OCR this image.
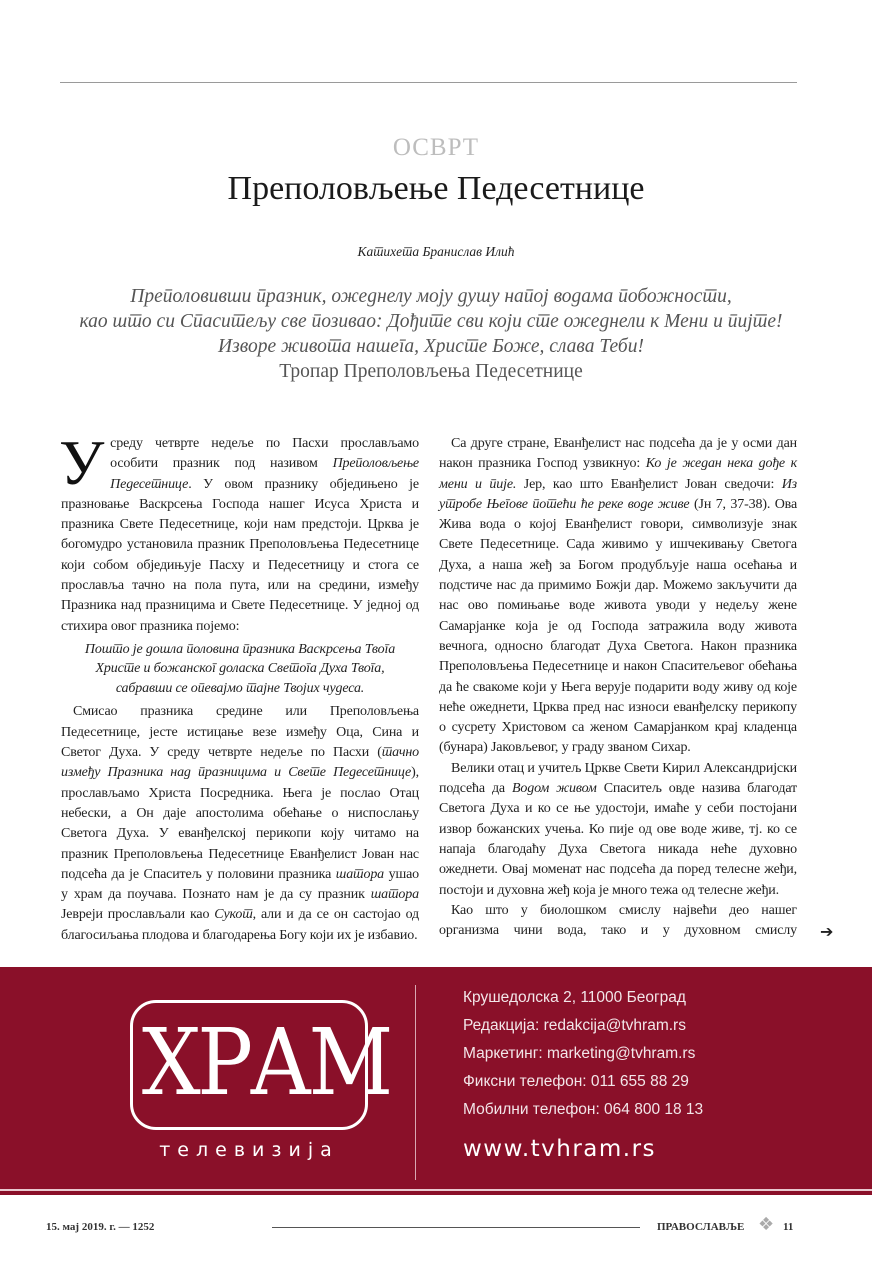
ОСВРТ
Преполовљење Педесетнице
Катихета Бранислав Илић
Преполовивши празник, ожеднелу моју душу напој водама побожности,
као што си Спаситељу све позивао: Дођите сви који сте ожеднели к Мени и пијте!
Изворе живота нашега, Христе Боже, слава Теби!
Тропар Преполовљења Педесетнице

Усреду четврте недеље по Пасхи прослављамо особити празник под називом Преполовљење Педесетнице. У овом празнику обједињено је празновање Васкрсења Господа нашег Исуса Христа и празника Свете Педесетнице, који нам предстоји. Црква је богомудро установила празник Преполовљења Педесетнице који собом обједињује Пасху и Педесетницу и стога се прославља тачно на пола пута, или на средини, између Празника над празницима и Свете Педесетнице. У једној од стихира овог празника појемо:

Пошто је дошла половина празника Васкрсења Твога Христе и божанског доласка Светога Духа Твога, сабравши се опевајмо тајне Твојих чудеса.

Смисао празника средине или Преполовљења Педесетнице, јесте истицање везе између Оца, Сина и Светог Духа. У среду четврте недеље по Пасхи (тачно између Празника над празницима и Свете Педесетнице), прослављамо Христа Посредника. Њега је послао Отац небески, а Он даје апостолима обећање о ниспослању Светога Духа. У еванђелској перикопи коју читамо на празник Преполовљења Педесетнице Еванђелист Јован нас подсећа да је Спаситељ у половини празника шатора ушао у храм да поучава. Познато нам је да су празник шатора Јевреји прослављали као Сукот, али и да се он састојао од благосиљања плодова и благодарења Богу који их је избавио.

Са друге стране, Еванђелист нас подсећа да је у осми дан након празника Господ узвикнуо: Ко је жедан нека дође к мени и пије. Јер, као што Еванђелист Јован сведочи: Из утробе Његове потећи ће реке воде живе (Јн 7, 37-38). Ова Жива вода о којој Еванђелист говори, символизује знак Свете Педесетнице. Сада живимо у ишчекивању Светога Духа, а наша жеђ за Богом продубљује наша осећања и подстиче нас да примимо Божји дар. Можемо закључити да нас ово помињање воде живота уводи у недељу жене Самарјанке која је од Господа затражила воду живота вечнога, односно благодат Духа Светога. Након празника Преполовљења Педесетнице и након Спаситељевог обећања да ће свакоме који у Њега верује подарити воду живу од које неће ожеднети, Црква пред нас износи еванђелску перикопу о сусрету Христовом са женом Самарјанком крај кладенца (бунара) Јаковљевог, у граду званом Сихар.

Велики отац и учитељ Цркве Свети Кирил Александријски подсећа да Водом живом Спаситељ овде назива благодат Светога Духа и ко се ње удостоји, имаће у себи постојани извор божанских учења. Ко пије од ове воде живе, тј. ко се напаја благодаћу Духа Светога никада неће духовно ожеднети. Овај моменат нас подсећа да поред телесне жеђи, постоји и духовна жеђ која је много тежа од телесне жеђи.

Као што у биолошком смислу највећи део нашег организма чини вода, тако и у духовном смислу ➔
ХРАМ
телевизија
Крушедолска 2, 11000 Београд
Редакција: redakcija@tvhram.rs
Маркетинг: marketing@tvhram.rs
Фиксни телефон: 011 655 88 29
Мобилни телефон: 064 800 18 13
www.tvhram.rs
15. мај 2019. г. — 1252	ПРАВОСЛАВЉЕ ❖ 11
